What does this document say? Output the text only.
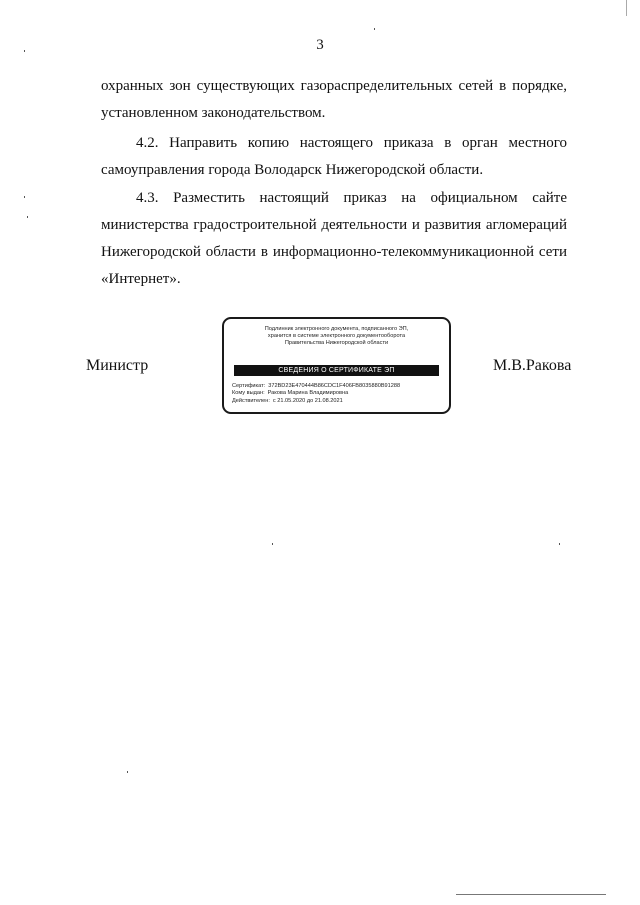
3
охранных зон существующих газораспределительных сетей в порядке,
установленном законодательством.
4.2. Направить копию настоящего приказа в орган местного
самоуправления города Володарск Нижегородской области.
4.3. Разместить настоящий приказ на официальном сайте
министерства градостроительной деятельности и развития агломераций
Нижегородской области в информационно-телекоммуникационной сети
«Интернет».
Министр
Подлинник электронного документа, подписанного ЭП,
хранится в системе электронного документооборота
Правительства Нижегородской области
СВЕДЕНИЯ О СЕРТИФИКАТЕ ЭП
Сертификат: 372BD23E470444B86CDC1F406FB8035880B91288
Кому выдан: Ракова Марина Владимировна
Действителен: с 21.05.2020 до 21.08.2021
М.В.Ракова
